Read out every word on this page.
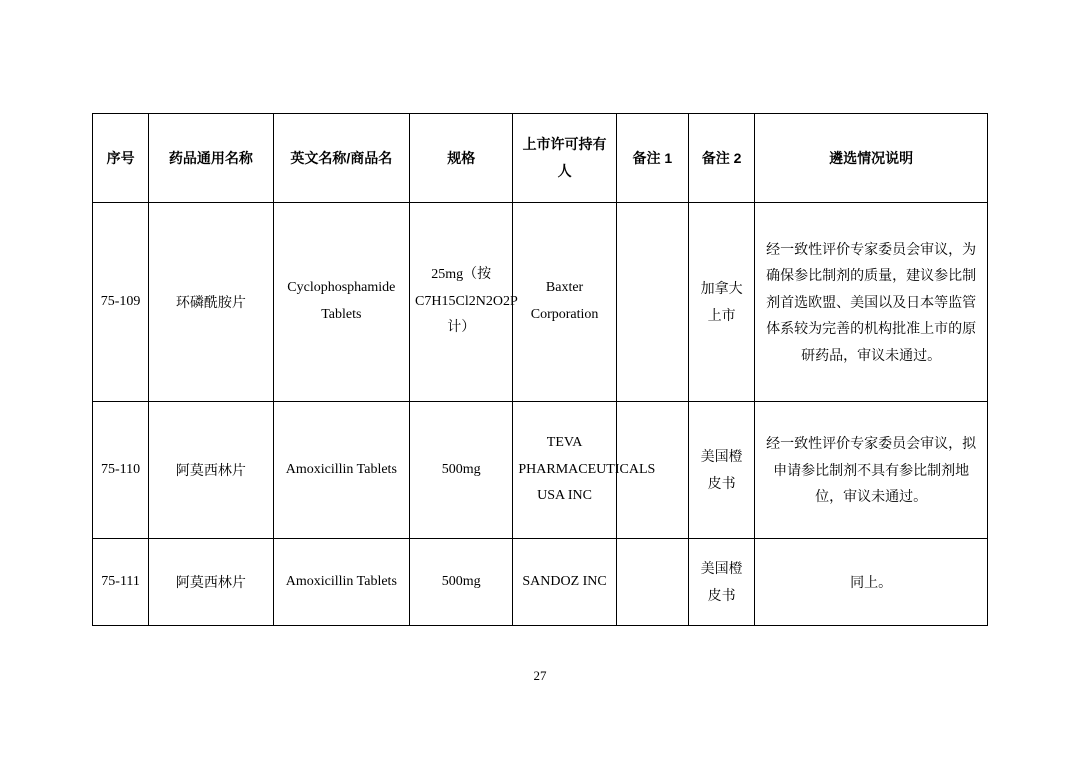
序号	药品通用名称	英文名称/商品名	规格	上市许可持有人	备注 1	备注 2	遴选情况说明
75-109	环磷酰胺片	Cyclophosphamide Tablets	25mg（按C7H15Cl2N2O2P 计）	Baxter Corporation		加拿大上市	经一致性评价专家委员会审议，为确保参比制剂的质量，建议参比制剂首选欧盟、美国以及日本等监管体系较为完善的机构批准上市的原研药品，审议未通过。
75-110	阿莫西林片	Amoxicillin Tablets	500mg	TEVA PHARMACEUTICALS USA INC		美国橙皮书	经一致性评价专家委员会审议，拟申请参比制剂不具有参比制剂地位，审议未通过。
75-111	阿莫西林片	Amoxicillin Tablets	500mg	SANDOZ INC		美国橙皮书	同上。
27
